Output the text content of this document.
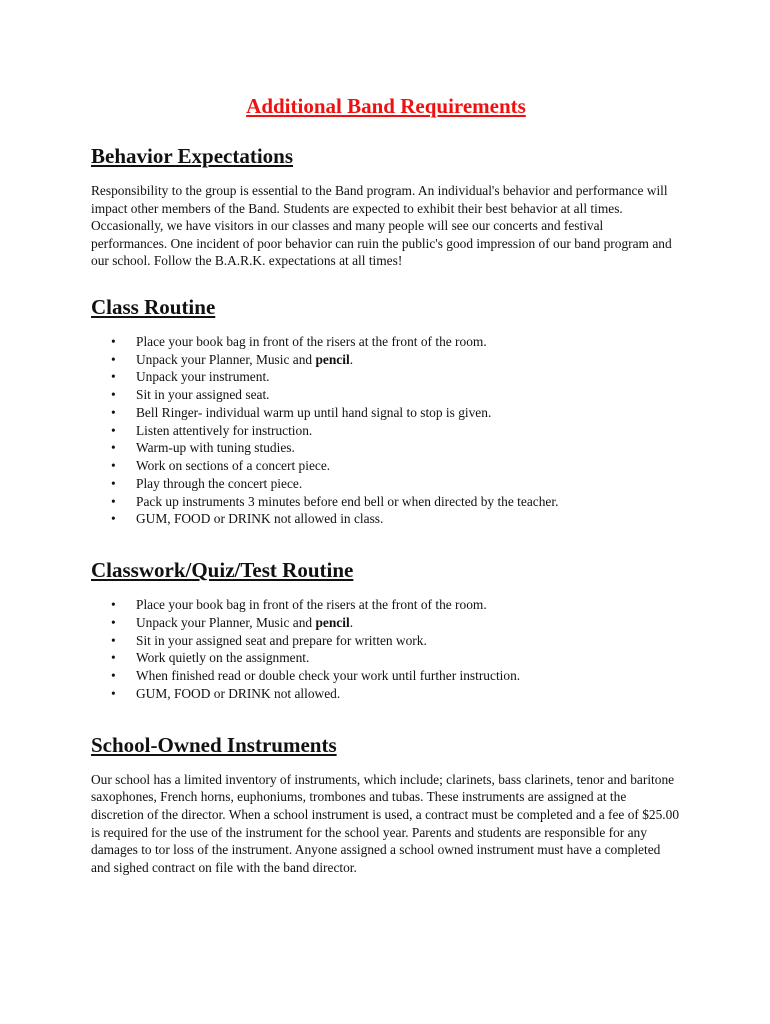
Additional Band Requirements
Behavior Expectations

Responsibility to the group is essential to the Band program. An individual's behavior and performance will impact other members of the Band. Students are expected to exhibit their best behavior at all times. Occasionally, we have visitors in our classes and many people will see our concerts and festival performances. One incident of poor behavior can ruin the public's good impression of our band program and our school. Follow the B.A.R.K. expectations at all times!

Class Routine
• Place your book bag in front of the risers at the front of the room.
• Unpack your Planner, Music and pencil.
• Unpack your instrument.
• Sit in your assigned seat.
• Bell Ringer- individual warm up until hand signal to stop is given.
• Listen attentively for instruction.
• Warm-up with tuning studies.
• Work on sections of a concert piece.
• Play through the concert piece.
• Pack up instruments 3 minutes before end bell or when directed by the teacher.
• GUM, FOOD or DRINK not allowed in class.
Classwork/Quiz/Test Routine
• Place your book bag in front of the risers at the front of the room.
• Unpack your Planner, Music and pencil.
• Sit in your assigned seat and prepare for written work.
• Work quietly on the assignment.
• When finished read or double check your work until further instruction.
• GUM, FOOD or DRINK not allowed.
School-Owned Instruments

Our school has a limited inventory of instruments, which include; clarinets, bass clarinets, tenor and baritone saxophones, French horns, euphoniums, trombones and tubas. These instruments are assigned at the discretion of the director. When a school instrument is used, a contract must be completed and a fee of $25.00 is required for the use of the instrument for the school year. Parents and students are responsible for any damages to tor loss of the instrument. Anyone assigned a school owned instrument must have a completed and sighed contract on file with the band director.
